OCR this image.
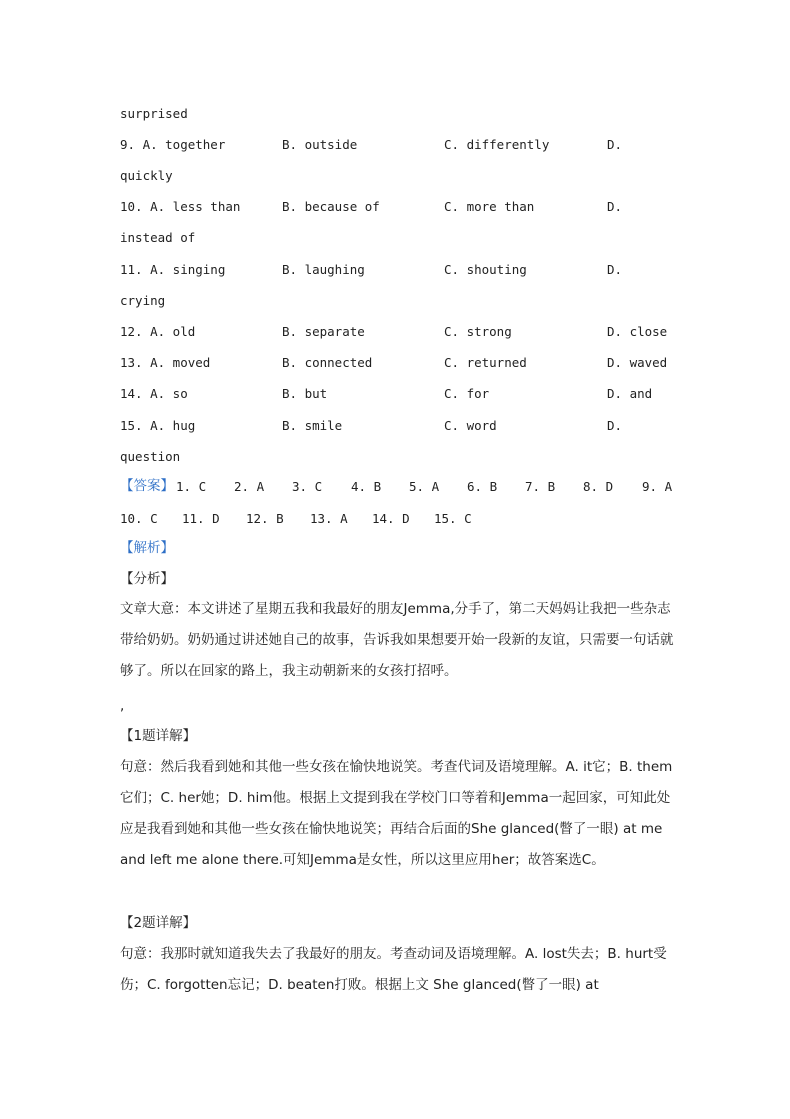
surprised
9. A. together	B. outside	C. differently	D.
quickly
10. A. less than	B. because of	C. more than	D.
instead of
11. A. singing	B. laughing	C. shouting	D.
crying
12. A. old	B. separate	C. strong	D. close
13. A. moved	B. connected	C. returned	D. waved
14. A. so	B. but	C. for	D. and
15. A. hug	B. smile	C. word	D.
question
【答案】 1. C 2. A 3. C 4. B 5. A 6. B 7. B 8. D 9. A
10. C 11. D 12. B 13. A 14. D 15. C
【解析】
【分析】
文章大意：本文讲述了星期五我和我最好的朋友Jemma,分手了，第二天妈妈让我把一些杂志带给奶奶。奶奶通过讲述她自己的故事，告诉我如果想要开始一段新的友谊，只需要一句话就够了。所以在回家的路上，我主动朝新来的女孩打招呼。
,
【1题详解】
句意：然后我看到她和其他一些女孩在愉快地说笑。考查代词及语境理解。A. it它；B. them它们；C. her她；D. him他。根据上文提到我在学校门口等着和Jemma一起回家，可知此处应是我看到她和其他一些女孩在愉快地说笑；再结合后面的She glanced(瞥了一眼) at me and left me alone there.可知Jemma是女性，所以这里应用her；故答案选C。
【2题详解】
句意：我那时就知道我失去了我最好的朋友。考查动词及语境理解。A. lost失去；B. hurt受伤；C. forgotten忘记；D. beaten打败。根据上文 She glanced(瞥了一眼) at
